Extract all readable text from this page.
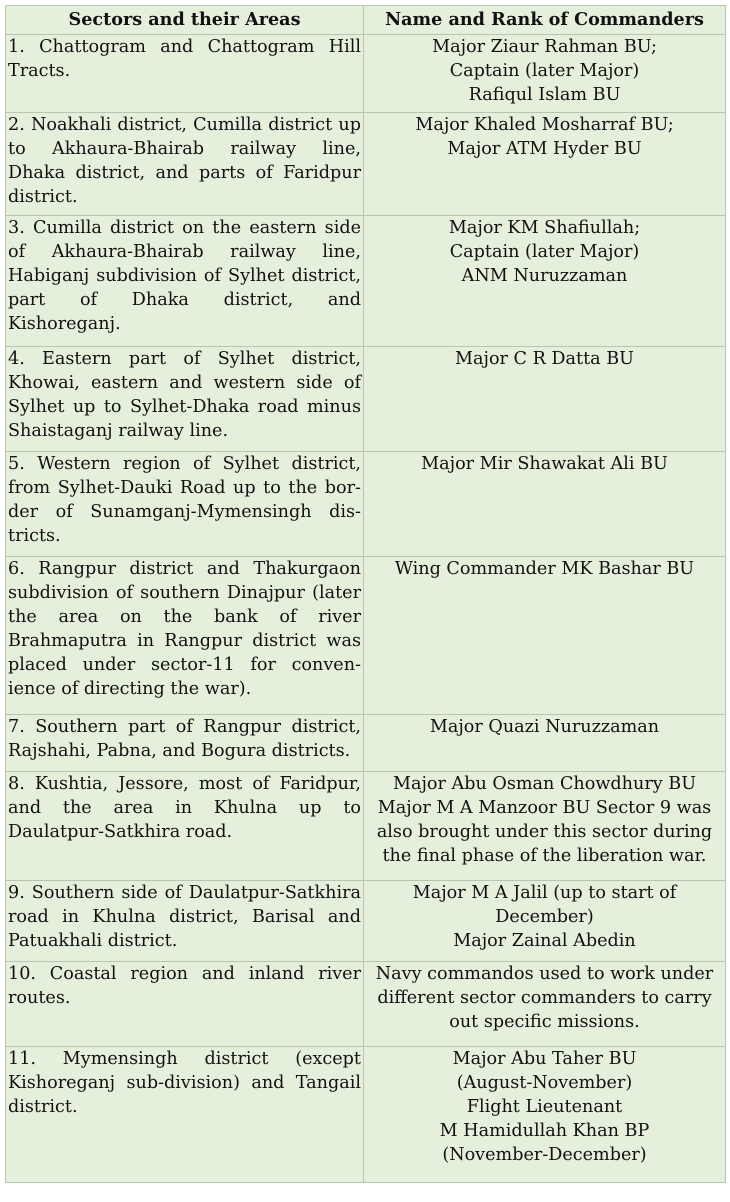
Sectors and their Areas	Name and Rank of Commanders
1. Chattogram and Chattogram Hill Tracts.	Major Ziaur Rahman BU;
Captain (later Major)
Rafiqul Islam BU
2. Noakhali district, Cumilla district up to Akhaura-Bhairab railway line, Dhaka district, and parts of Faridpur district.	Major Khaled Mosharraf BU;
Major ATM Hyder BU
3. Cumilla district on the eastern side of Akhaura-Bhairab railway line, Habiganj subdivision of Sylhet district, part of Dhaka district, and Kishoreganj.	Major KM Shafiullah;
Captain (later Major)
ANM Nuruzzaman
4. Eastern part of Sylhet district, Khowai, eastern and western side of Sylhet up to Sylhet-Dhaka road minus Shaistaganj railway line.	Major C R Datta BU
5. Western region of Sylhet district, from Sylhet-Dauki Road up to the border of Sunamganj-Mymensingh districts.	Major Mir Shawakat Ali BU
6. Rangpur district and Thakurgaon subdivision of southern Dinajpur (later the area on the bank of river Brahmaputra in Rangpur district was placed under sector-11 for convenience of directing the war).	Wing Commander MK Bashar BU
7. Southern part of Rangpur district, Rajshahi, Pabna, and Bogura districts.	Major Quazi Nuruzzaman
8. Kushtia, Jessore, most of Faridpur, and the area in Khulna up to Daulatpur-Satkhira road.	Major Abu Osman Chowdhury BU
Major M A Manzoor BU Sector 9 was also brought under this sector during the final phase of the liberation war.
9. Southern side of Daulatpur-Satkhira road in Khulna district, Barisal and Patuakhali district.	Major M A Jalil (up to start of December)
Major Zainal Abedin
10. Coastal region and inland river routes.	Navy commandos used to work under different sector commanders to carry out specific missions.
11. Mymensingh district (except Kishoreganj sub-division) and Tangail district.	Major Abu Taher BU
(August-November)
Flight Lieutenant
M Hamidullah Khan BP
(November-December)
